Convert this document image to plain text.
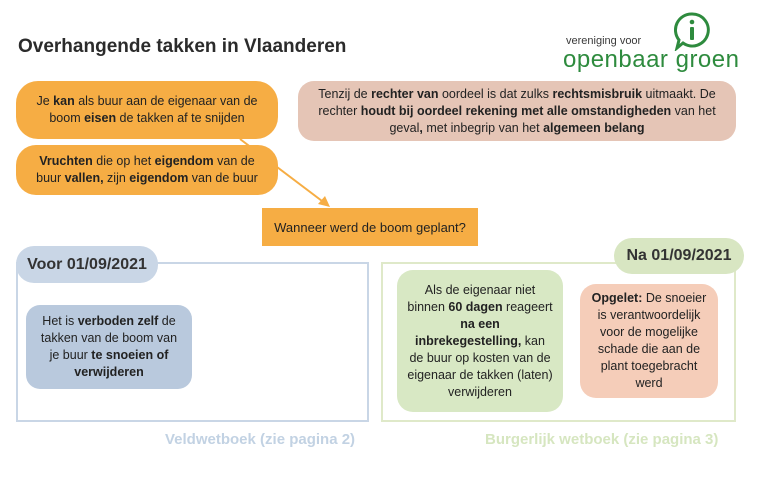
Overhangende takken in Vlaanderen	vereniging voor
openbaar groen
Je kan als buur aan de eigenaar van de boom eisen de takken af te snijden
Vruchten die op het eigendom van de buur vallen, zijn eigendom van de buur
Tenzij de rechter van oordeel is dat zulks rechtsmisbruik uitmaakt. De rechter houdt bij oordeel rekening met alle omstandigheden van het geval, met inbegrip van het algemeen belang
Wanneer werd de boom geplant?
Voor 01/09/2021	Na 01/09/2021
Het is verboden zelf de takken van de boom van je buur te snoeien of verwijderen
Als de eigenaar niet binnen 60 dagen reageert na een inbrekegestelling, kan de buur op kosten van de eigenaar de takken (laten) verwijderen
Opgelet: De snoeier is verantwoordelijk voor de mogelijke schade die aan de plant toegebracht werd
Veldwetboek (zie pagina 2)	Burgerlijk wetboek (zie pagina 3)
